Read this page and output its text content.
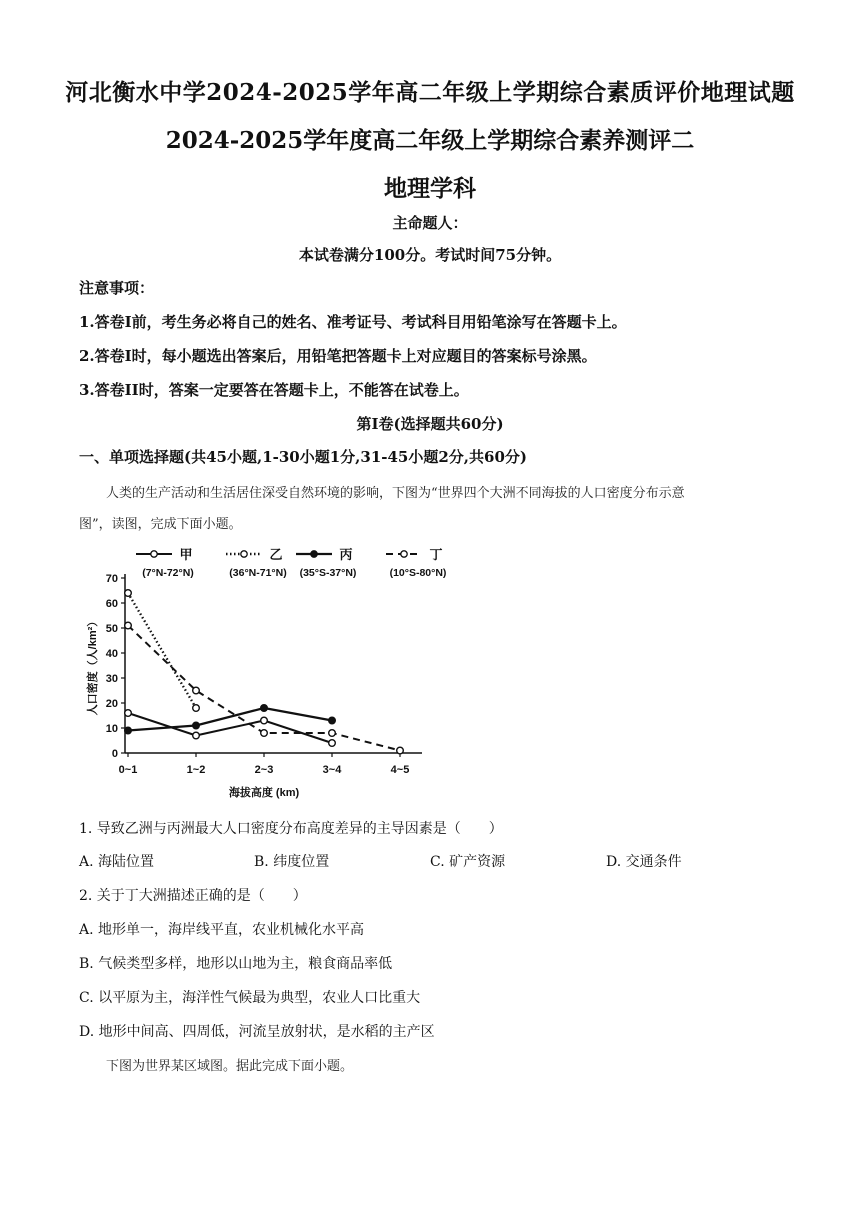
河北衡水中学2024-2025学年高二年级上学期综合素质评价地理试题
2024-2025学年度高二年级上学期综合素养测评二
地理学科
主命题人：
本试卷满分100分。考试时间75分钟。
注意事项：
1.答卷I前，考生务必将自己的姓名、准考证号、考试科目用铅笔涂写在答题卡上。
2.答卷I时，每小题选出答案后，用铅笔把答题卡上对应题目的答案标号涂黑。
3.答卷II时，答案一定要答在答题卡上，不能答在试卷上。
第I卷(选择题共60分)
一、单项选择题(共45小题,1-30小题1分,31-45小题2分,共60分)
人类的生产活动和生活居住深受自然环境的影响，下图为“世界四个大洲不同海拔的人口密度分布示意
图”，读图，完成下面小题。
甲
(7°N-72°N)
乙
(36°N-71°N)
丙
(35°S-37°N)
丁
(10°S-80°N)
0
10
20
30
40
50
60
70
0~1	1~2	2~3	3~4	4~5
海拔高度 (km)
人口密度（人/km²）
1. 导致乙洲与丙洲最大人口密度分布高度差异的主导因素是（　　）
A. 海陆位置	B. 纬度位置	C. 矿产资源	D. 交通条件
2. 关于丁大洲描述正确的是（　　）
A. 地形单一，海岸线平直，农业机械化水平高
B. 气候类型多样，地形以山地为主，粮食商品率低
C. 以平原为主，海洋性气候最为典型，农业人口比重大
D. 地形中间高、四周低，河流呈放射状，是水稻的主产区
下图为世界某区域图。据此完成下面小题。
